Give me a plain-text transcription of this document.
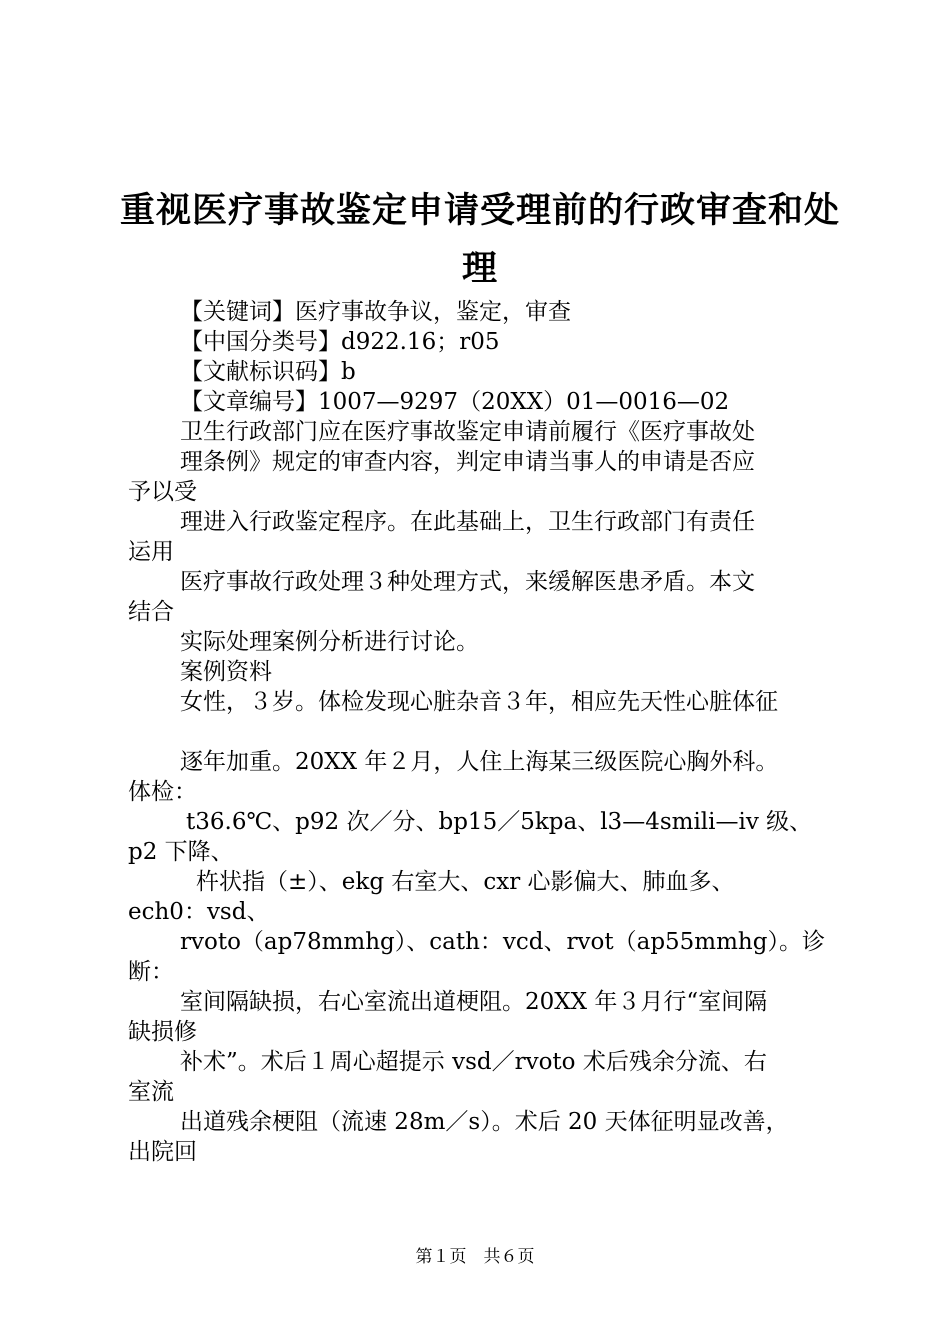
重视医疗事故鉴定申请受理前的行政审查和处理
【关键词】医疗事故争议，鉴定，审查
【中国分类号】d922.16；r05
【文献标识码】b
【文章编号】1007—9297（20XX）01—0016—02
卫生行政部门应在医疗事故鉴定申请前履行《医疗事故处
理条例》规定的审查内容，判定申请当事人的申请是否应
予以受
理进入行政鉴定程序。在此基础上，卫生行政部门有责任
运用
医疗事故行政处理３种处理方式，来缓解医患矛盾。本文
结合
实际处理案例分析进行讨论。
案例资料
女性，３岁。体检发现心脏杂音３年，相应先天性心脏体征
逐年加重。20XX 年２月，人住上海某三级医院心胸外科。
体检：
t36.6℃、p92 次／分、bp15／5kpa、l3—4smili—iv 级、
p2 下降、
杵状指（±）、ekg 右室大、cxr 心影偏大、肺血多、
ech0：vsd、
rvoto（ap78mmhg）、cath：vcd、rvot（ap55mmhg）。诊
断：
室间隔缺损，右心室流出道梗阻。20XX 年３月行“室间隔
缺损修
补术”。术后１周心超提示 vsd／rvoto 术后残余分流、右
室流
出道残余梗阻（流速 28m／s）。术后 20 天体征明显改善，
出院回
第１页　共６页
